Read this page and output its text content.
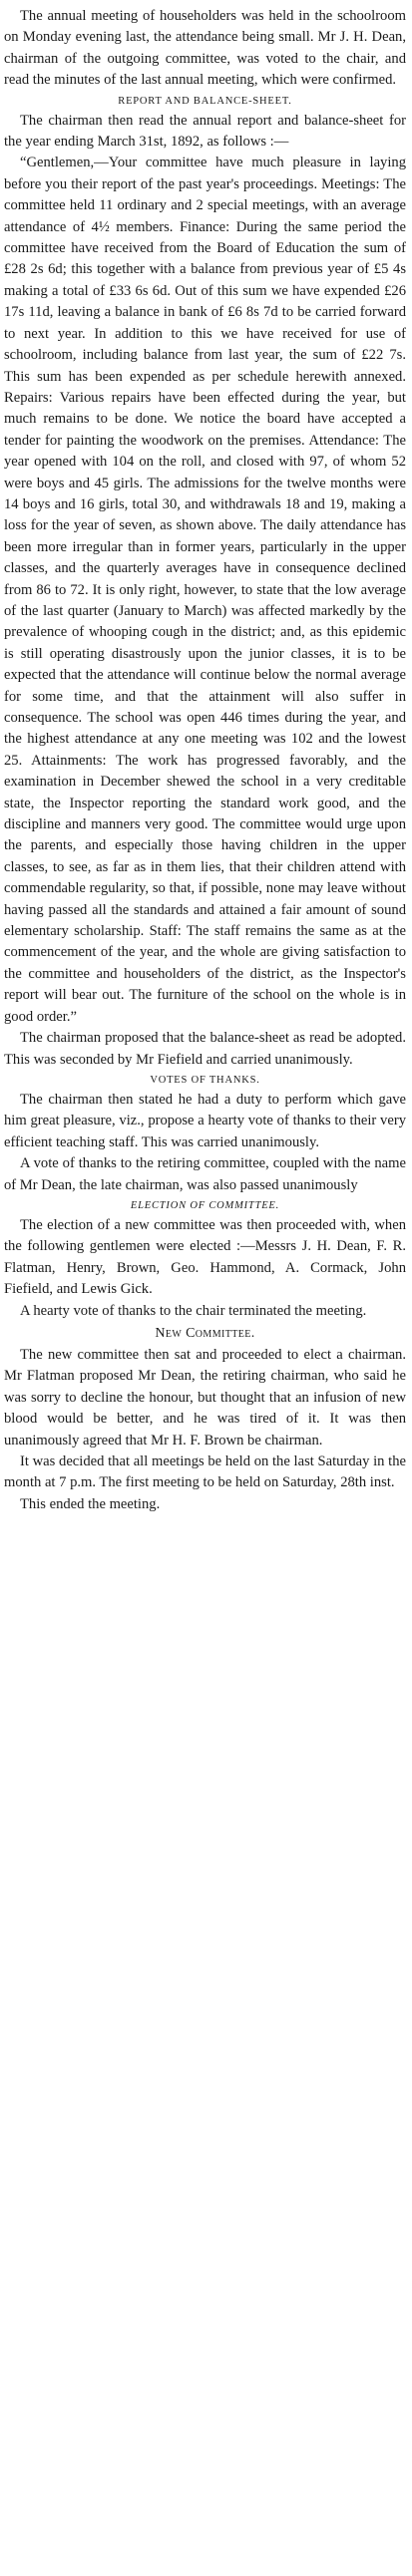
The annual meeting of householders was held in the schoolroom on Monday evening last, the attendance being small. Mr J. H. Dean, chairman of the outgoing committee, was voted to the chair, and read the minutes of the last annual meeting, which were confirmed.

REPORT AND BALANCE-SHEET.

The chairman then read the annual report and balance-sheet for the year ending March 31st, 1892, as follows :—

“Gentlemen,—Your committee have much pleasure in laying before you their report of the past year's proceedings. Meetings: The committee held 11 ordinary and 2 special meetings, with an average attendance of 4½ members. Finance: During the same period the committee have received from the Board of Education the sum of £28 2s 6d; this together with a balance from previous year of £5 4s making a total of £33 6s 6d. Out of this sum we have expended £26 17s 11d, leaving a balance in bank of £6 8s 7d to be carried forward to next year. In addition to this we have received for use of schoolroom, including balance from last year, the sum of £22 7s. This sum has been expended as per schedule herewith annexed. Repairs: Various repairs have been effected during the year, but much remains to be done. We notice the board have accepted a tender for painting the woodwork on the premises. Attendance: The year opened with 104 on the roll, and closed with 97, of whom 52 were boys and 45 girls. The admissions for the twelve months were 14 boys and 16 girls, total 30, and withdrawals 18 and 19, making a loss for the year of seven, as shown above. The daily attendance has been more irregular than in former years, particularly in the upper classes, and the quarterly averages have in consequence declined from 86 to 72. It is only right, however, to state that the low average of the last quarter (January to March) was affected markedly by the prevalence of whooping cough in the district; and, as this epidemic is still operating disastrously upon the junior classes, it is to be expected that the attendance will continue below the normal average for some time, and that the attainment will also suffer in consequence. The school was open 446 times during the year, and the highest attendance at any one meeting was 102 and the lowest 25. Attainments: The work has progressed favorably, and the examination in December shewed the school in a very creditable state, the Inspector reporting the standard work good, and the discipline and manners very good. The committee would urge upon the parents, and especially those having children in the upper classes, to see, as far as in them lies, that their children attend with commendable regularity, so that, if possible, none may leave without having passed all the standards and attained a fair amount of sound elementary scholarship. Staff: The staff remains the same as at the commencement of the year, and the whole are giving satisfaction to the committee and householders of the district, as the Inspector's report will bear out. The furniture of the school on the whole is in good order.”

The chairman proposed that the balance-sheet as read be adopted. This was seconded by Mr Fiefield and carried unanimously.

VOTES OF THANKS.

The chairman then stated he had a duty to perform which gave him great pleasure, viz., propose a hearty vote of thanks to their very efficient teaching staff. This was carried unanimously.

A vote of thanks to the retiring committee, coupled with the name of Mr Dean, the late chairman, was also passed unanimously

ELECTION OF COMMITTEE.

The election of a new committee was then proceeded with, when the following gentlemen were elected :—Messrs J. H. Dean, F. R. Flatman, Henry, Brown, Geo. Hammond, A. Cormack, John Fiefield, and Lewis Gick.

A hearty vote of thanks to the chair terminated the meeting.

New Committee.

The new committee then sat and proceeded to elect a chairman. Mr Flatman proposed Mr Dean, the retiring chairman, who said he was sorry to decline the honour, but thought that an infusion of new blood would be better, and he was tired of it. It was then unanimously agreed that Mr H. F. Brown be chairman.

It was decided that all meetings be held on the last Saturday in the month at 7 p.m. The first meeting to be held on Saturday, 28th inst.

This ended the meeting.
